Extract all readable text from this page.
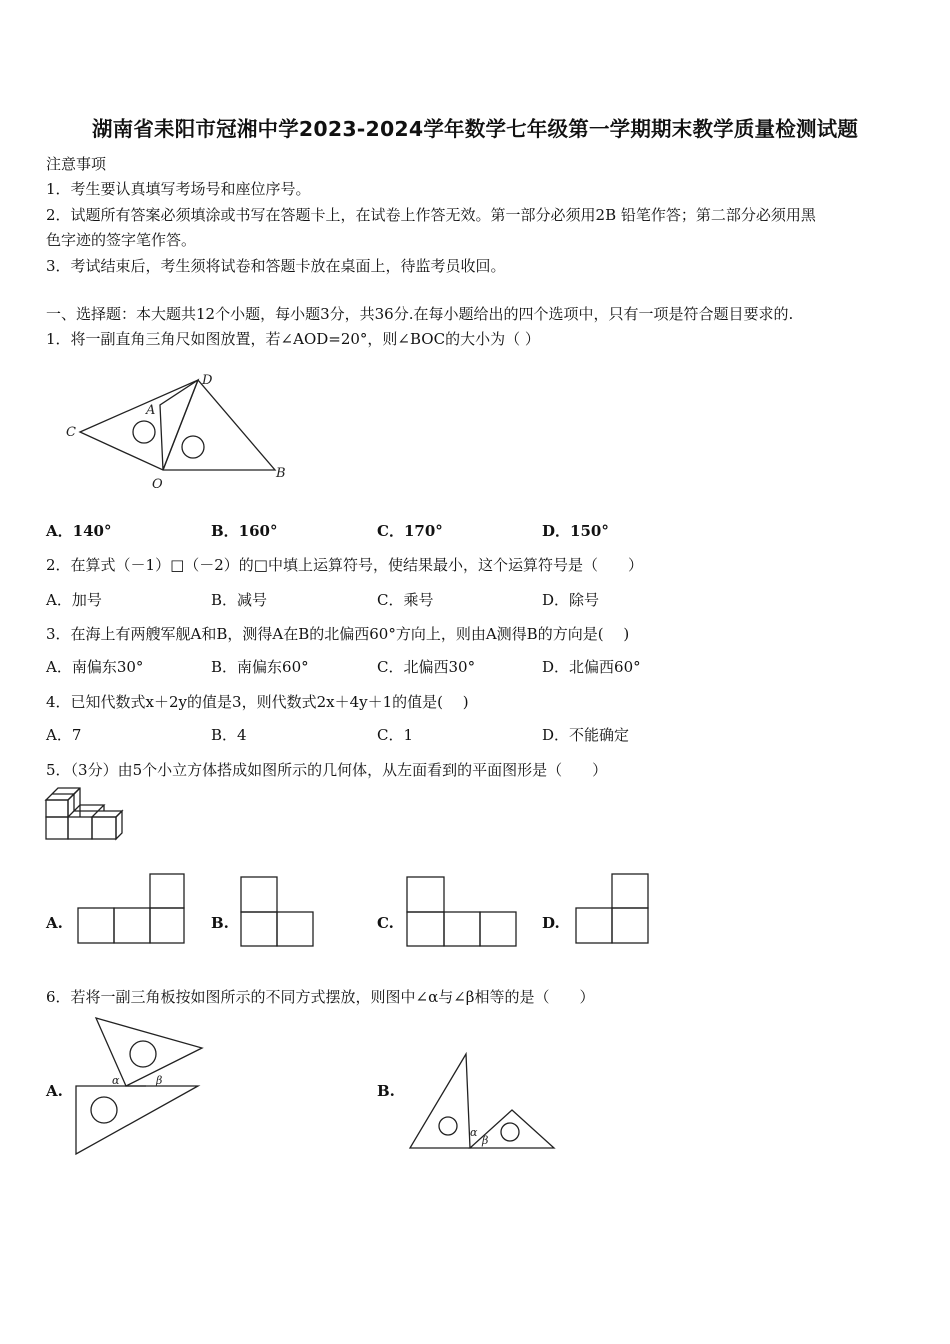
湖南省耒阳市冠湘中学2023-2024学年数学七年级第一学期期末教学质量检测试题
注意事项
1．考生要认真填写考场号和座位序号。
2．试题所有答案必须填涂或书写在答题卡上，在试卷上作答无效。第一部分必须用2B 铅笔作答；第二部分必须用黑
色字迹的签字笔作答。
3．考试结束后，考生须将试卷和答题卡放在桌面上，待监考员收回。
一、选择题：本大题共12个小题，每小题3分，共36分.在每小题给出的四个选项中，只有一项是符合题目要求的.
1．将一副直角三角尺如图放置，若∠AOD=20°，则∠BOC的大小为（ ）
D
A
C
O
B
A．140°	B．160°	C．170°	D．150°
2．在算式（－1）□（－2）的□中填上运算符号，使结果最小，这个运算符号是（　　）
A．加号	B．减号	C．乘号	D．除号
3．在海上有两艘军舰A和B，测得A在B的北偏西60°方向上，则由A测得B的方向是(　 )
A．南偏东30°	B．南偏东60°	C．北偏西30°	D．北偏西60°
4．已知代数式x＋2y的值是3，则代数式2x＋4y＋1的值是(　 )
A．7	B．4	C．1	D．不能确定
5．（3分）由5个小立方体搭成如图所示的几何体，从左面看到的平面图形是（　　）
A.	B.	C.	D.
6．若将一副三角板按如图所示的不同方式摆放，则图中∠α与∠β相等的是（　　）
A.
α	β
B.
α
β
